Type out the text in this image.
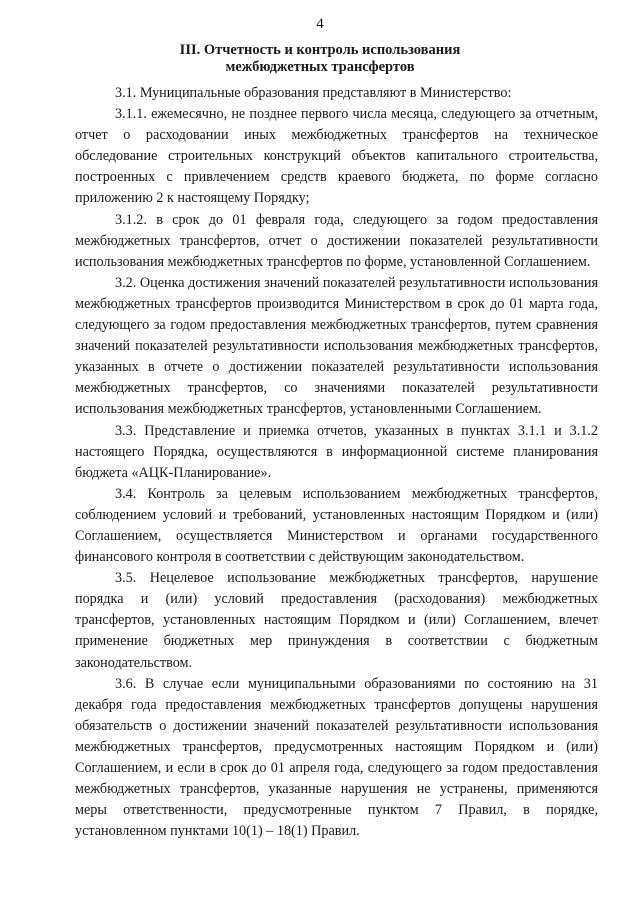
4
III. Отчетность и контроль использования
межбюджетных трансфертов

3.1. Муниципальные образования представляют в Министерство:

3.1.1. ежемесячно, не позднее первого числа месяца, следующего за отчетным, отчет о расходовании иных межбюджетных трансфертов на техническое обследование строительных конструкций объектов капитального строительства, построенных с привлечением средств краевого бюджета, по форме согласно приложению 2 к настоящему Порядку;

3.1.2. в срок до 01 февраля года, следующего за годом предоставления межбюджетных трансфертов, отчет о достижении показателей результативности использования межбюджетных трансфертов по форме, установленной Соглашением.

3.2. Оценка достижения значений показателей результативности использования межбюджетных трансфертов производится Министерством в срок до 01 марта года, следующего за годом предоставления межбюджетных трансфертов, путем сравнения значений показателей результативности использования межбюджетных трансфертов, указанных в отчете о достижении показателей результативности использования межбюджетных трансфертов, со значениями показателей результативности использования межбюджетных трансфертов, установленными Соглашением.

3.3. Представление и приемка отчетов, указанных в пунктах 3.1.1 и 3.1.2 настоящего Порядка, осуществляются в информационной системе планирования бюджета «АЦК-Планирование».

3.4. Контроль за целевым использованием межбюджетных трансфертов, соблюдением условий и требований, установленных настоящим Порядком и (или) Соглашением, осуществляется Министерством и органами государственного финансового контроля в соответствии с действующим законодательством.

3.5. Нецелевое использование межбюджетных трансфертов, нарушение порядка и (или) условий предоставления (расходования) межбюджетных трансфертов, установленных настоящим Порядком и (или) Соглашением, влечет применение бюджетных мер принуждения в соответствии с бюджетным законодательством.

3.6. В случае если муниципальными образованиями по состоянию на 31 декабря года предоставления межбюджетных трансфертов допущены нарушения обязательств о достижении значений показателей результативности использования межбюджетных трансфертов, предусмотренных настоящим Порядком и (или) Соглашением, и если в срок до 01 апреля года, следующего за годом предоставления межбюджетных трансфертов, указанные нарушения не устранены, применяются меры ответственности, предусмотренные пунктом 7 Правил, в порядке, установленном пунктами 10(1) – 18(1) Правил.
